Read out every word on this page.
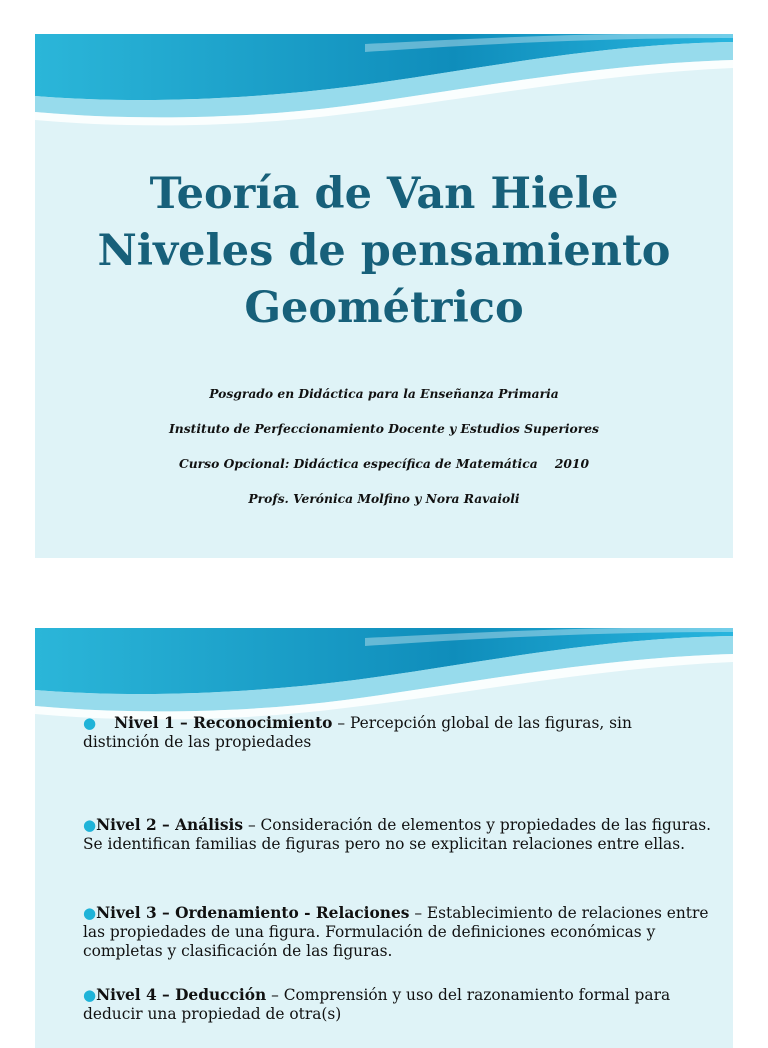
Teoría de Van Hiele
Niveles de pensamiento
Geométrico
Posgrado en Didáctica para la Enseñanza Primaria
Instituto de Perfeccionamiento Docente y Estudios Superiores
Curso Opcional: Didáctica específica de Matemática    2010
Profs. Verónica Molfino y Nora Ravaioli

● Nivel 1 – Reconocimiento – Percepción global de las figuras, sin distinción de las propiedades

●Nivel 2 – Análisis – Consideración de elementos y propiedades de las figuras. Se identifican familias de figuras pero no se explicitan relaciones entre ellas.

●Nivel 3 – Ordenamiento - Relaciones – Establecimiento de relaciones entre las propiedades de una figura. Formulación de definiciones económicas y completas y clasificación de las figuras.

●Nivel 4 – Deducción – Comprensión y uso del razonamiento formal para deducir una propiedad de otra(s)
